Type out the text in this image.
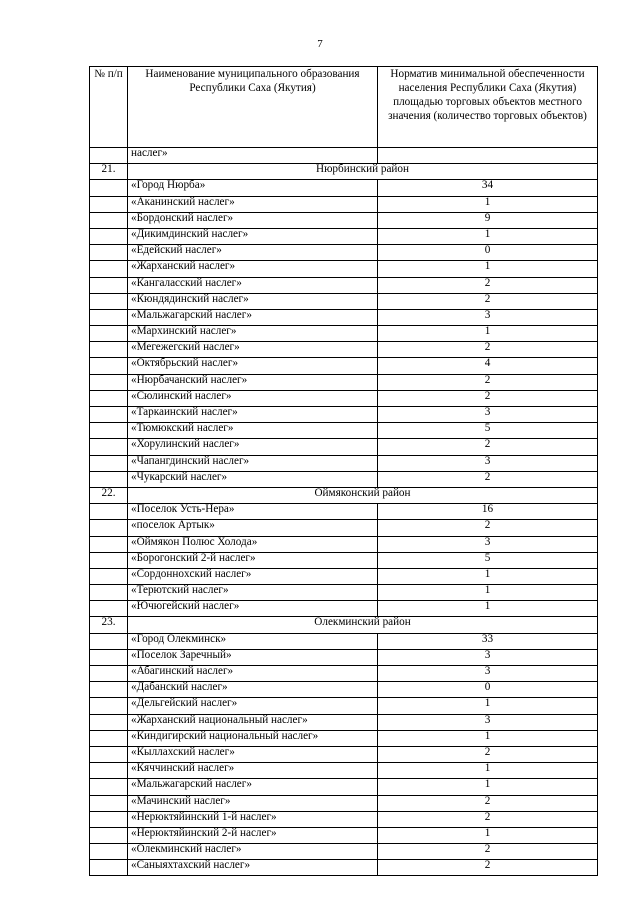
7
№ п/п	Наименование муниципального образования Республики Саха (Якутия)	Норматив минимальной обеспеченности населения Республики Саха (Якутия) площадью торговых объектов местного значения (количество торговых объектов)
	наслег»	
21.	Нюрбинский район	
	«Город Нюрба»	34
	«Аканинский наслег»	1
	«Бордонский наслег»	9
	«Дикимдинский наслег»	1
	«Едейский наслег»	0
	«Жарханский наслег»	1
	«Кангаласский наслег»	2
	«Кюндядинский наслег»	2
	«Мальжагарский наслег»	3
	«Мархинский наслег»	1
	«Мегежегский наслег»	2
	«Октябрьский наслег»	4
	«Нюрбачанский наслег»	2
	«Сюлинский наслег»	2
	«Таркаинский наслег»	3
	«Тюмюкский наслег»	5
	«Хорулинский наслег»	2
	«Чапангдинский наслег»	3
	«Чукарский наслег»	2
22.	Оймяконский район	
	«Поселок Усть-Нера»	16
	«поселок Артык»	2
	«Оймякон Полюс Холода»	3
	«Борогонский 2-й наслег»	5
	«Сордонноxский наслег»	1
	«Терютский наслег»	1
	«Ючюгейский наслег»	1
23.	Олекминский район	
	«Город Олекминск»	33
	«Поселок Заречный»	3
	«Абагинский наслег»	3
	«Дабанский наслег»	0
	«Дельгейский наслег»	1
	«Жарханский национальный наслег»	3
	«Киндигирский национальный наслег»	1
	«Кыллахский наслег»	2
	«Кяччинский наслег»	1
	«Мальжагарский наслег»	1
	«Мачинский наслег»	2
	«Нерюктяйинский 1-й наслег»	2
	«Нерюктяйинский 2-й наслег»	1
	«Олекминский наслег»	2
	«Саныяхтахский наслег»	2
